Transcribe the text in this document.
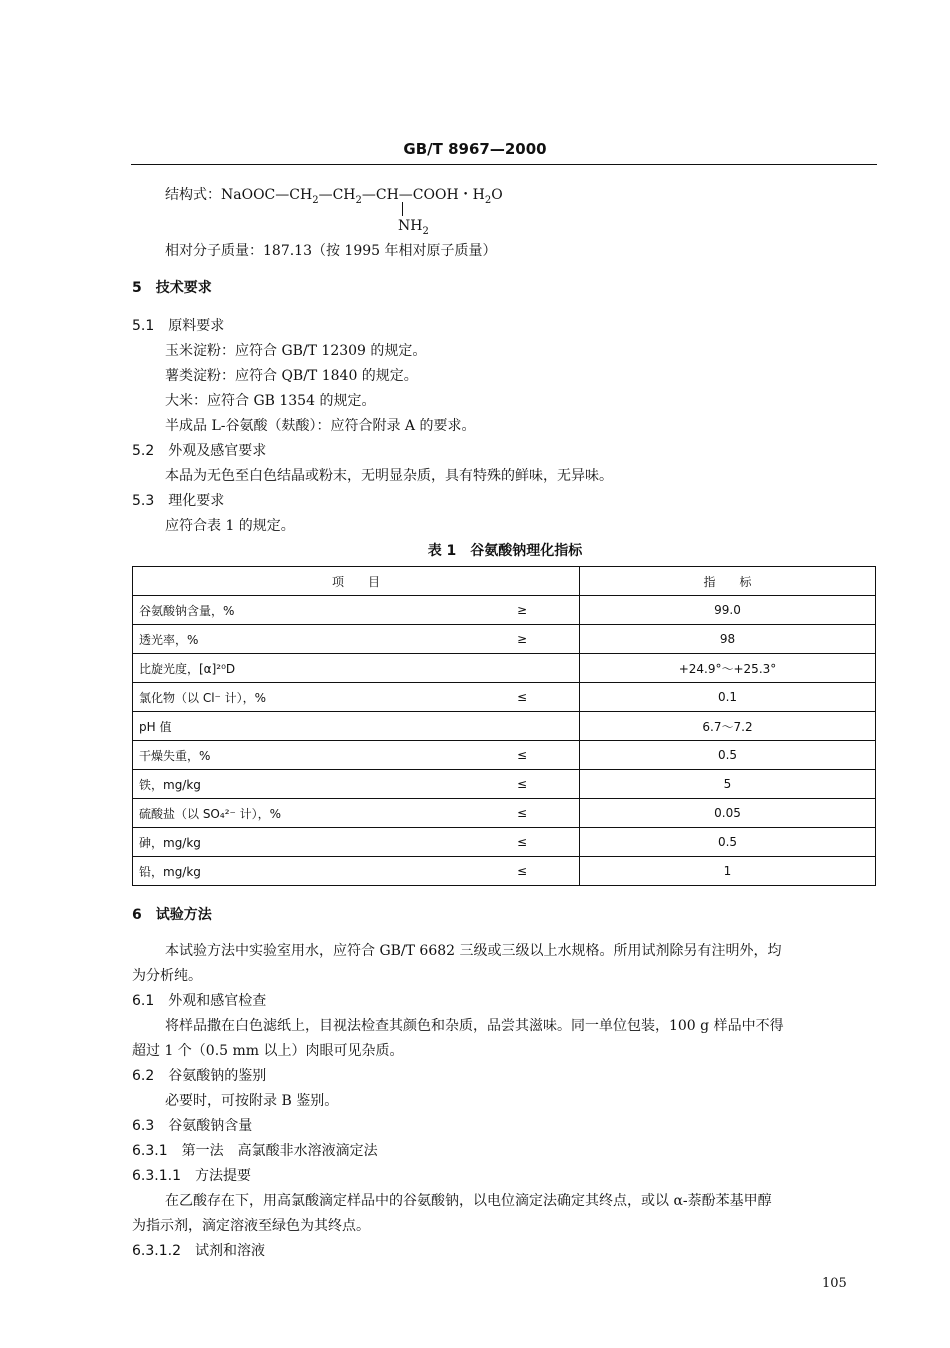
GB/T 8967—2000
结构式：$NaOOC—CH_2—CH_2—CH—COOH$・$H_2O$
$NH_2$
相对分子质量：187.13（按 1995 年相对原子质量）
5　技术要求
5.1　原料要求
玉米淀粉：应符合 GB/T 12309 的规定。
薯类淀粉：应符合 QB/T 1840 的规定。
大米：应符合 GB 1354 的规定。
半成品 L-谷氨酸（麸酸）：应符合附录 A 的要求。
5.2　外观及感官要求
本品为无色至白色结晶或粉末，无明显杂质，具有特殊的鲜味，无异味。
5.3　理化要求
应符合表 1 的规定。
表 1　谷氨酸钠理化指标
项　　目		指　　标
谷氨酸钠含量，%	≥	99.0
透光率，%	≥	98
比旋光度，[α]²⁰D		+24.9°～+25.3°
氯化物（以 Cl⁻ 计），%	≤	0.1
pH 值		6.7～7.2
干燥失重，%	≤	0.5
铁，mg/kg	≤	5
硫酸盐（以 SO₄²⁻ 计），%	≤	0.05
砷，mg/kg	≤	0.5
铅，mg/kg	≤	1
6　试验方法
本试验方法中实验室用水，应符合 GB/T 6682 三级或三级以上水规格。所用试剂除另有注明外，均
为分析纯。
6.1　外观和感官检查
将样品撒在白色滤纸上，目视法检查其颜色和杂质，品尝其滋味。同一单位包装，100 g 样品中不得
超过 1 个（0.5 mm 以上）肉眼可见杂质。
6.2　谷氨酸钠的鉴别
必要时，可按附录 B 鉴别。
6.3　谷氨酸钠含量
6.3.1　第一法　高氯酸非水溶液滴定法
6.3.1.1　方法提要
在乙酸存在下，用高氯酸滴定样品中的谷氨酸钠，以电位滴定法确定其终点，或以 α-萘酚苯基甲醇
为指示剂，滴定溶液至绿色为其终点。
6.3.1.2　试剂和溶液
105
